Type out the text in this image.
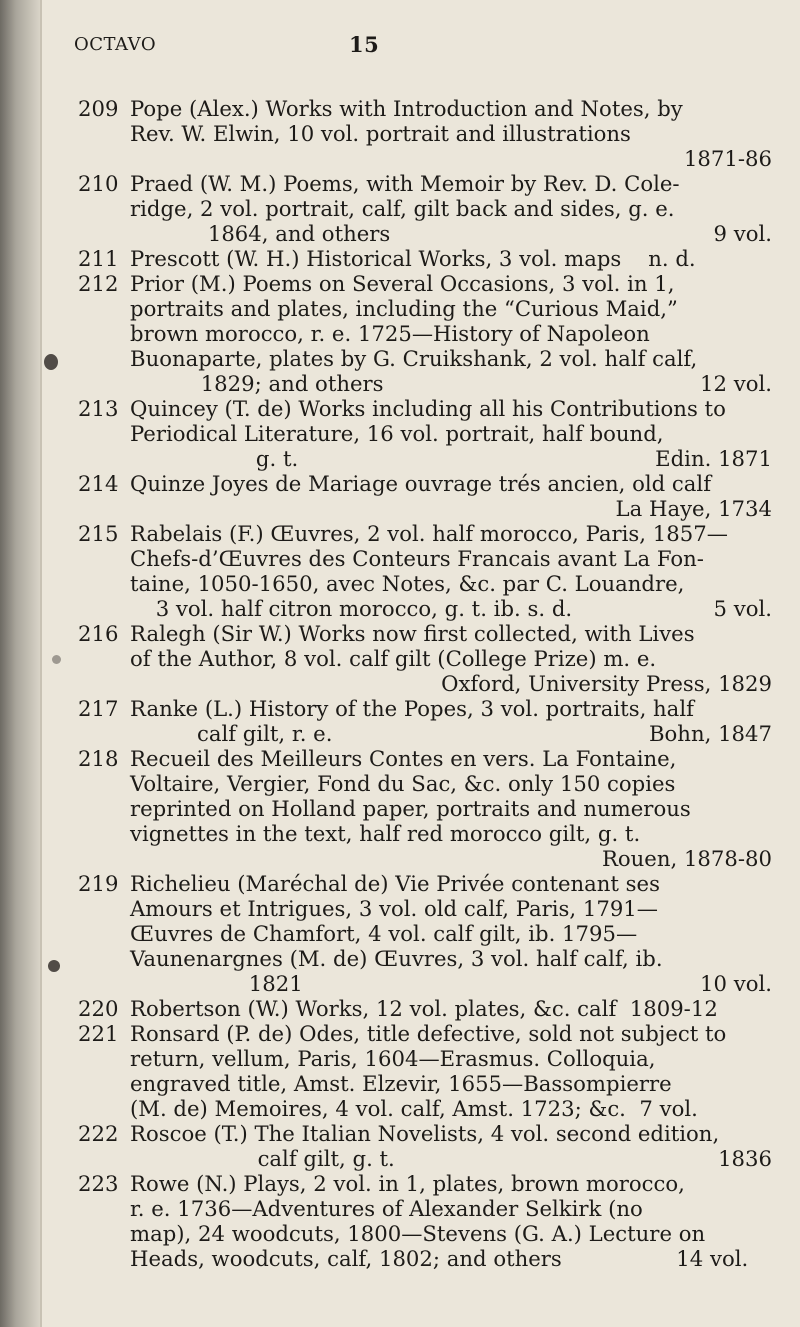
OCTAVO	15
209 Pope (Alex.) Works with Introduction and Notes, by

Rev. W. Elwin, 10 vol. portrait and illustrations

1871-86

210 Praed (W. M.) Poems, with Memoir by Rev. D. Cole-

ridge, 2 vol. portrait, calf, gilt back and sides, g. e.

1864, and others                                                9 vol.

211 Prescott (W. H.) Historical Works, 3 vol. maps    n. d.

212 Prior (M.) Poems on Several Occasions, 3 vol. in 1,

portraits and plates, including the “Curious Maid,”

brown morocco, r. e. 1725—History of Napoleon

Buonaparte, plates by G. Cruikshank, 2 vol. half calf,

1829; and others                                               12 vol.

213 Quincey (T. de) Works including all his Contributions to

Periodical Literature, 16 vol. portrait, half bound,

g. t.                                                     Edin. 1871

214 Quinze Joyes de Mariage ouvrage trés ancien, old calf

La Haye, 1734

215 Rabelais (F.) Œuvres, 2 vol. half morocco, Paris, 1857—

Chefs-d’Œuvres des Conteurs Francais avant La Fon-

taine, 1050-1650, avec Notes, &c. par C. Louandre,

3 vol. half citron morocco, g. t. ib. s. d.                     5 vol.

216 Ralegh (Sir W.) Works now first collected, with Lives

of the Author, 8 vol. calf gilt (College Prize) m. e.

Oxford, University Press, 1829

217 Ranke (L.) History of the Popes, 3 vol. portraits, half

calf gilt, r. e.                                               Bohn, 1847

218 Recueil des Meilleurs Contes en vers. La Fontaine,

Voltaire, Vergier, Fond du Sac, &c. only 150 copies

reprinted on Holland paper, portraits and numerous

vignettes in the text, half red morocco gilt, g. t.

Rouen, 1878-80

219 Richelieu (Maréchal de) Vie Privée contenant ses

Amours et Intrigues, 3 vol. old calf, Paris, 1791—

Œuvres de Chamfort, 4 vol. calf gilt, ib. 1795—

Vaunenargnes (M. de) Œuvres, 3 vol. half calf, ib.

1821                                                           10 vol.

220 Robertson (W.) Works, 12 vol. plates, &c. calf  1809-12

221 Ronsard (P. de) Odes, title defective, sold not subject to

return, vellum, Paris, 1604—Erasmus. Colloquia,

engraved title, Amst. Elzevir, 1655—Bassompierre

(M. de) Memoires, 4 vol. calf, Amst. 1723; &c.  7 vol.

222 Roscoe (T.) The Italian Novelists, 4 vol. second edition,

calf gilt, g. t.                                                1836

223 Rowe (N.) Plays, 2 vol. in 1, plates, brown morocco,

r. e. 1736—Adventures of Alexander Selkirk (no

map), 24 woodcuts, 1800—Stevens (G. A.) Lecture on

Heads, woodcuts, calf, 1802; and others                 14 vol.
